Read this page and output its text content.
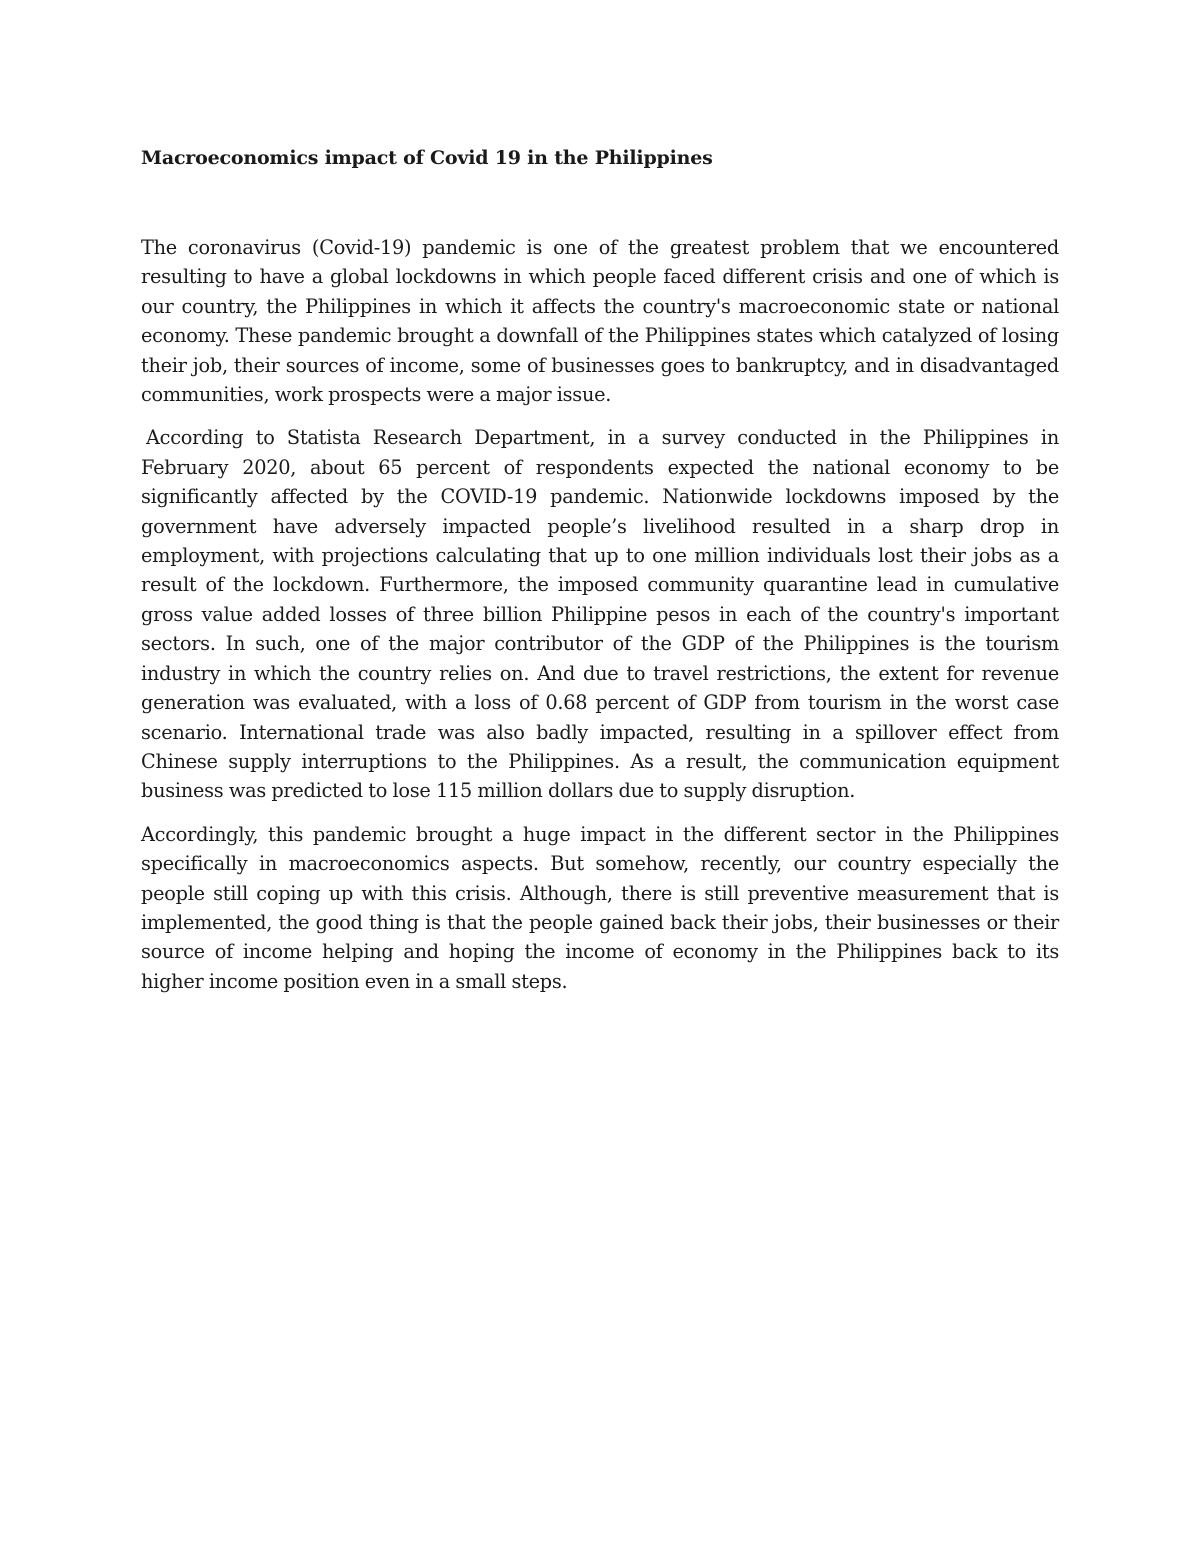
Macroeconomics impact of Covid 19 in the Philippines

The coronavirus (Covid-19) pandemic is one of the greatest problem that we encountered resulting to have a global lockdowns in which people faced different crisis and one of which is our country, the Philippines in which it affects the country's macroeconomic state or national economy. These pandemic brought a downfall of the Philippines states which catalyzed of losing their job, their sources of income, some of businesses goes to bankruptcy, and in disadvantaged communities, work prospects were a major issue.

According to Statista Research Department, in a survey conducted in the Philippines in February 2020, about 65 percent of respondents expected the national economy to be significantly affected by the COVID-19 pandemic. Nationwide lockdowns imposed by the government have adversely impacted people’s livelihood resulted in a sharp drop in employment, with projections calculating that up to one million individuals lost their jobs as a result of the lockdown. Furthermore, the imposed community quarantine lead in cumulative gross value added losses of three billion Philippine pesos in each of the country's important sectors. In such, one of the major contributor of the GDP of the Philippines is the tourism industry in which the country relies on. And due to travel restrictions, the extent for revenue generation was evaluated, with a loss of 0.68 percent of GDP from tourism in the worst case scenario. International trade was also badly impacted, resulting in a spillover effect from Chinese supply interruptions to the Philippines. As a result, the communication equipment business was predicted to lose 115 million dollars due to supply disruption.

Accordingly, this pandemic brought a huge impact in the different sector in the Philippines specifically in macroeconomics aspects. But somehow, recently, our country especially the people still coping up with this crisis. Although, there is still preventive measurement that is implemented, the good thing is that the people gained back their jobs, their businesses or their source of income helping and hoping the income of economy in the Philippines back to its higher income position even in a small steps.
